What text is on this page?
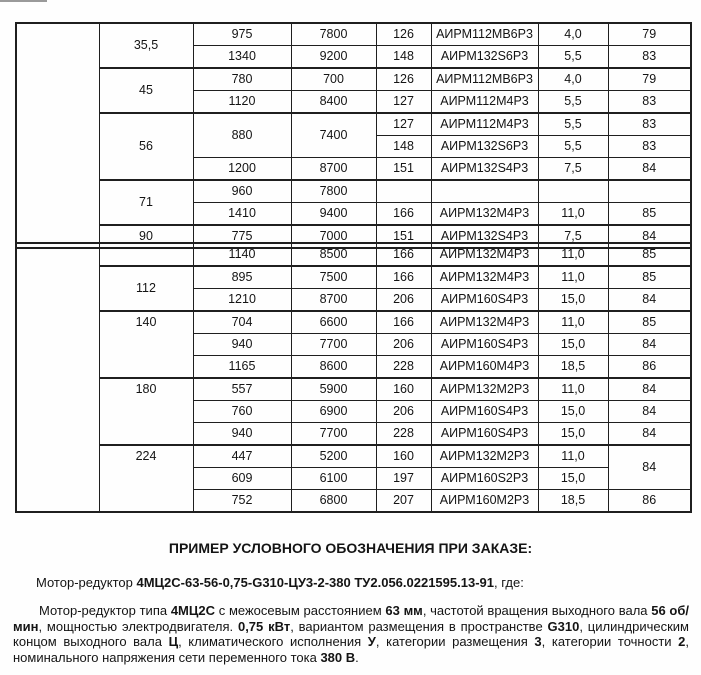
	35,5	975	7800	126	АИРМ112МВ6Р3	4,0	79
		1340	9200	148	АИРМ132S6Р3	5,5	83
	45	780	700	126	АИРМ112МВ6Р3	4,0	79
		1120	8400	127	АИРМ112М4Р3	5,5	83
	56	880	7400	127	АИРМ112М4Р3	5,5	83
				148	АИРМ132S6Р3	5,5	83
		1200	8700	151	АИРМ132S4Р3	7,5	84
	71	960	7800				
		1410	9400	166	АИРМ132М4Р3	11,0	85
	90	775	7000	151	АИРМ132S4Р3	7,5	84
		1140	8500	166	АИРМ132М4Р3	11,0	85
	112	895	7500	166	АИРМ132М4Р3	11,0	85
		1210	8700	206	АИРМ160S4Р3	15,0	84
	140	704	6600	166	АИРМ132М4Р3	11,0	85
		940	7700	206	АИРМ160S4Р3	15,0	84
		1165	8600	228	АИРМ160М4Р3	18,5	86
	180	557	5900	160	АИРМ132М2Р3	11,0	84
		760	6900	206	АИРМ160S4Р3	15,0	84
		940	7700	228	АИРМ160S4Р3	15,0	84
	224	447	5200	160	АИРМ132М2Р3	11,0	84
		609	6100	197	АИРМ160S2Р3	15,0	
		752	6800	207	АИРМ160М2Р3	18,5	86
ПРИМЕР УСЛОВНОГО ОБОЗНАЧЕНИЯ ПРИ ЗАКАЗЕ:
Мотор-редуктор 4МЦ2С-63-56-0,75-G310-ЦУ3-2-380 ТУ2.056.0221595.13-91, где:
Мотор-редуктор типа 4МЦ2С с межосевым расстоянием 63 мм, частотой вращения выходного вала 56 об/мин, мощностью электродвигателя. 0,75 кВт, вариантом размещения в пространстве G310, цилиндрическим концом выходного вала Ц, климатического исполнения У, категории размещения 3, категории точности 2, номинального напряжения сети переменного тока 380 В.
